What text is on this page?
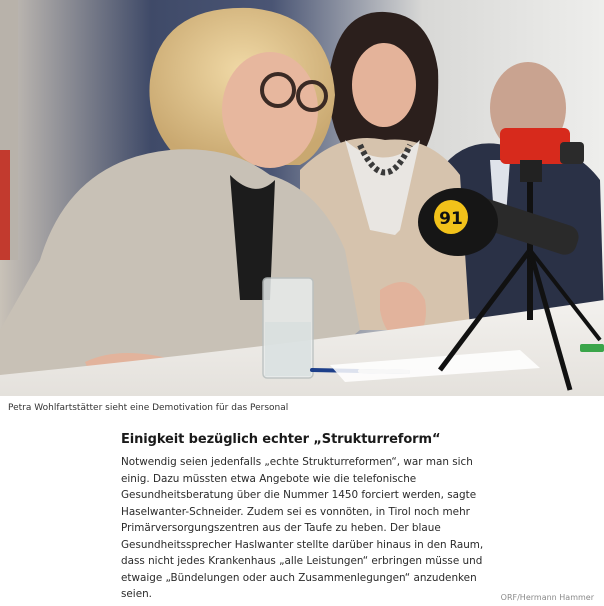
91
Petra Wohlfartstätter sieht eine Demotivation für das Personal
Einigkeit bezüglich echter „Strukturreform“

Notwendig seien jedenfalls „echte Strukturreformen“, war man sich
einig. Dazu müssten etwa Angebote wie die telefonische
Gesundheitsberatung über die Nummer 1450 forciert werden, sagte
Haselwanter-Schneider. Zudem sei es vonnöten, in Tirol noch mehr
Primärversorgungszentren aus der Taufe zu heben. Der blaue
Gesundheitssprecher Haslwanter stellte darüber hinaus in den Raum,
dass nicht jedes Krankenhaus „alle Leistungen“ erbringen müsse und
etwaige „Bündelungen oder auch Zusammenlegungen“ anzudenken
seien.	ORF/Hermann Hammer
